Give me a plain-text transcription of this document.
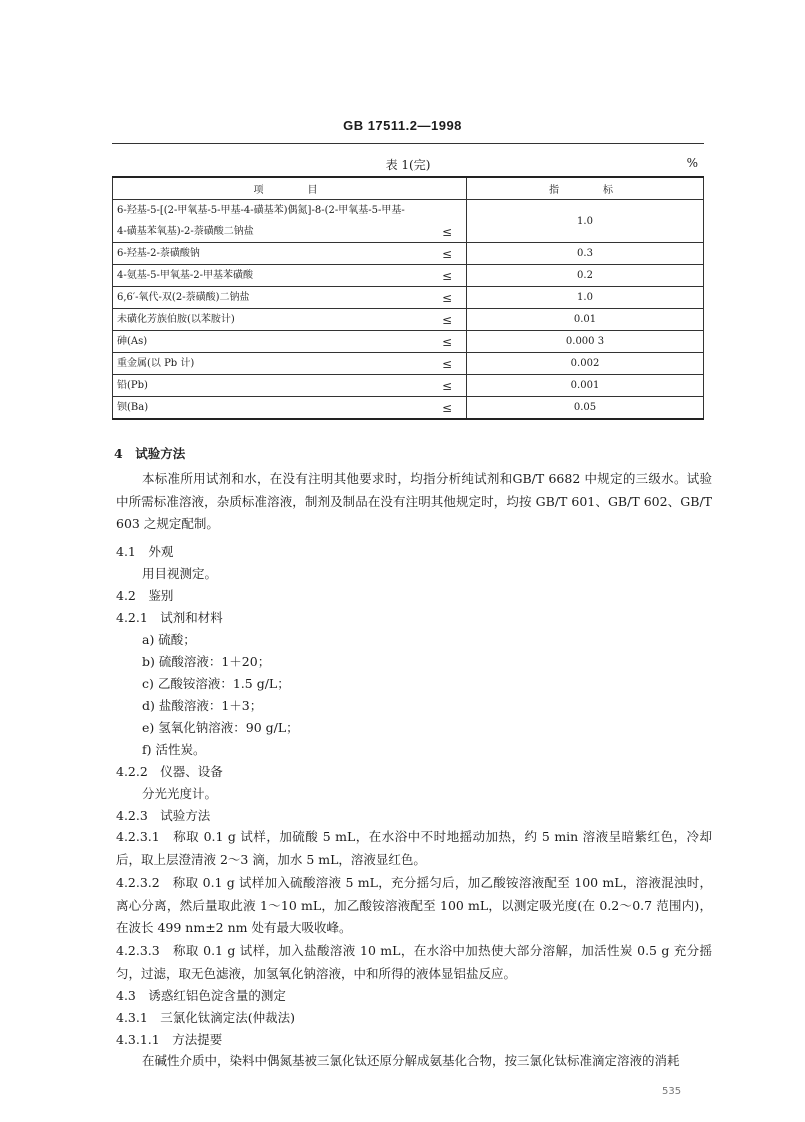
GB 17511.2—1998
表 1(完)	%
项　　目		指　　标

6-羟基-5-[(2-甲氧基-5-甲基-4-磺基苯)偶氮]-8-(2-甲氧基-5-甲基-
4-磺基苯氧基)-2-萘磺酸二钠盐	≤	1.0
6-羟基-2-萘磺酸钠	≤	0.3
4-氨基-5-甲氧基-2-甲基苯磺酸	≤	0.2
6,6′-氧代-双(2-萘磺酸)二钠盐	≤	1.0
未磺化芳族伯胺(以苯胺计)	≤	0.01
砷(As)	≤	0.000 3
重金属(以 Pb 计)	≤	0.002
铅(Pb)	≤	0.001
钡(Ba)	≤	0.05
4　试验方法
本标准所用试剂和水，在没有注明其他要求时，均指分析纯试剂和GB/T 6682 中规定的三级水。试验中所需标准溶液，杂质标准溶液，制剂及制品在没有注明其他规定时，均按 GB/T 601、GB/T 602、GB/T 603 之规定配制。
4.1　外观
用目视测定。
4.2　鉴别
4.2.1　试剂和材料
a) 硫酸；
b) 硫酸溶液：1＋20；
c) 乙酸铵溶液：1.5 g/L；
d) 盐酸溶液：1＋3；
e) 氢氧化钠溶液：90 g/L；
f) 活性炭。
4.2.2　仪器、设备
分光光度计。
4.2.3　试验方法
4.2.3.1　称取 0.1 g 试样，加硫酸 5 mL，在水浴中不时地摇动加热，约 5 min 溶液呈暗紫红色，冷却后，取上层澄清液 2～3 滴，加水 5 mL，溶液显红色。
4.2.3.2　称取 0.1 g 试样加入硫酸溶液 5 mL，充分摇匀后，加乙酸铵溶液配至 100 mL，溶液混浊时，离心分离，然后量取此液 1～10 mL，加乙酸铵溶液配至 100 mL，以测定吸光度(在 0.2～0.7 范围内)，在波长 499 nm±2 nm 处有最大吸收峰。
4.2.3.3　称取 0.1 g 试样，加入盐酸溶液 10 mL，在水浴中加热使大部分溶解，加活性炭 0.5 g 充分摇匀，过滤，取无色滤液，加氢氧化钠溶液，中和所得的液体显铝盐反应。
4.3　诱惑红铝色淀含量的测定
4.3.1　三氯化钛滴定法(仲裁法)
4.3.1.1　方法提要
在碱性介质中，染料中偶氮基被三氯化钛还原分解成氨基化合物，按三氯化钛标准滴定溶液的消耗
535
